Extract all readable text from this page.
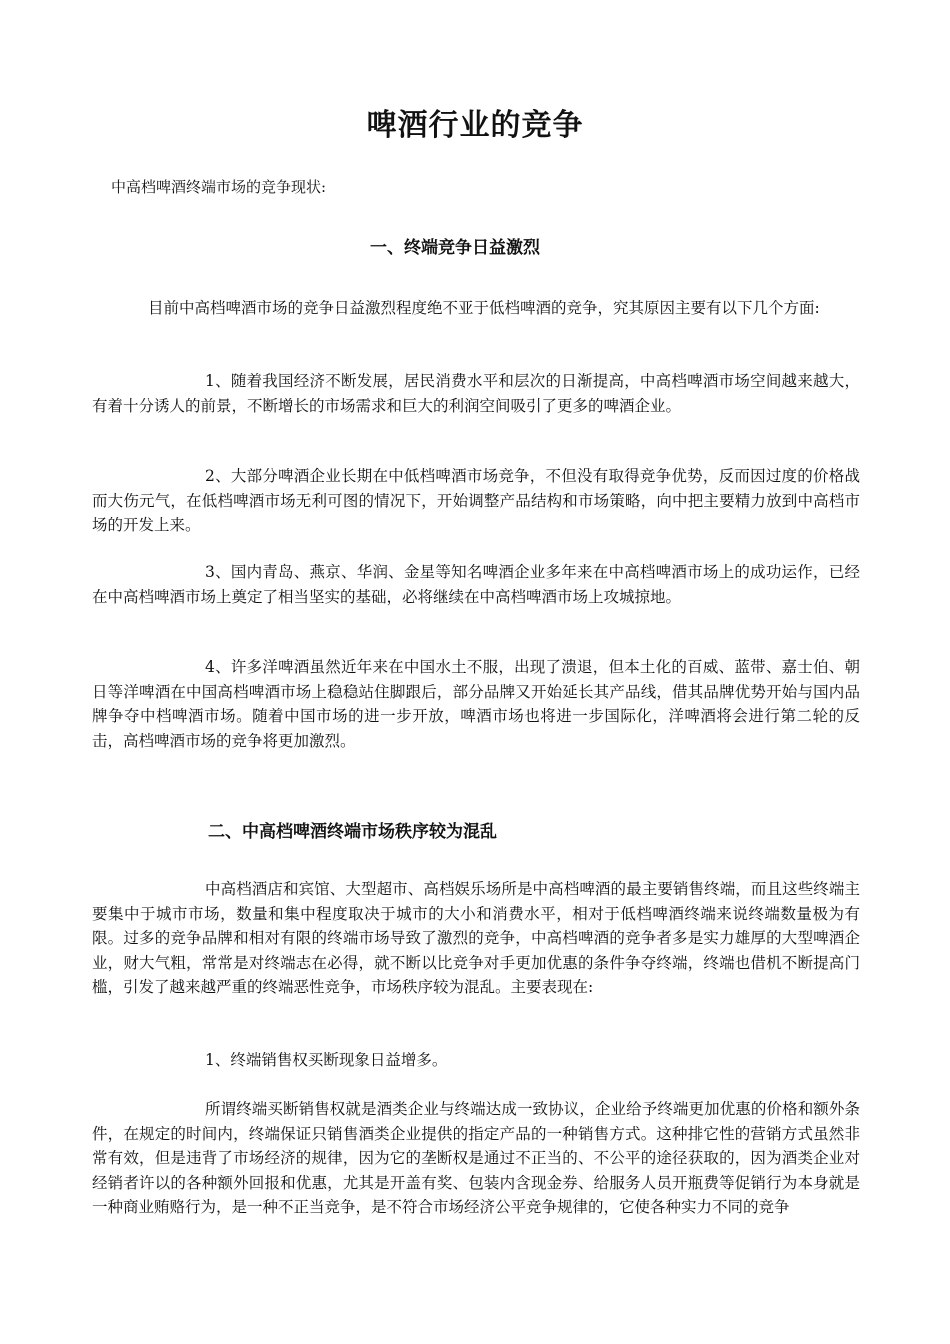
啤酒行业的竞争

中高档啤酒终端市场的竞争现状:

一、终端竞争日益激烈

目前中高档啤酒市场的竞争日益激烈程度绝不亚于低档啤酒的竞争，究其原因主要有以下几个方面:

1、随着我国经济不断发展，居民消费水平和层次的日渐提高，中高档啤酒市场空间越来越大，有着十分诱人的前景，不断增长的市场需求和巨大的利润空间吸引了更多的啤酒企业。

2、大部分啤酒企业长期在中低档啤酒市场竞争，不但没有取得竞争优势，反而因过度的价格战而大伤元气，在低档啤酒市场无利可图的情况下，开始调整产品结构和市场策略，向中把主要精力放到中高档市场的开发上来。

3、国内青岛、燕京、华润、金星等知名啤酒企业多年来在中高档啤酒市场上的成功运作，已经在中高档啤酒市场上奠定了相当坚实的基础，必将继续在中高档啤酒市场上攻城掠地。

4、许多洋啤酒虽然近年来在中国水土不服，出现了溃退，但本土化的百威、蓝带、嘉士伯、朝日等洋啤酒在中国高档啤酒市场上稳稳站住脚跟后，部分品牌又开始延长其产品线，借其品牌优势开始与国内品牌争夺中档啤酒市场。随着中国市场的进一步开放，啤酒市场也将进一步国际化，洋啤酒将会进行第二轮的反击，高档啤酒市场的竞争将更加激烈。

二、中高档啤酒终端市场秩序较为混乱

中高档酒店和宾馆、大型超市、高档娱乐场所是中高档啤酒的最主要销售终端，而且这些终端主要集中于城市市场，数量和集中程度取决于城市的大小和消费水平，相对于低档啤酒终端来说终端数量极为有限。过多的竞争品牌和相对有限的终端市场导致了激烈的竞争，中高档啤酒的竞争者多是实力雄厚的大型啤酒企业，财大气粗，常常是对终端志在必得，就不断以比竞争对手更加优惠的条件争夺终端，终端也借机不断提高门槛，引发了越来越严重的终端恶性竞争，市场秩序较为混乱。主要表现在:

1、终端销售权买断现象日益增多。

所谓终端买断销售权就是酒类企业与终端达成一致协议，企业给予终端更加优惠的价格和额外条件，在规定的时间内，终端保证只销售酒类企业提供的指定产品的一种销售方式。这种排它性的营销方式虽然非常有效，但是违背了市场经济的规律，因为它的垄断权是通过不正当的、不公平的途径获取的，因为酒类企业对经销者许以的各种额外回报和优惠，尤其是开盖有奖、包装内含现金券、给服务人员开瓶费等促销行为本身就是一种商业贿赂行为，是一种不正当竞争，是不符合市场经济公平竞争规律的，它使各种实力不同的竞争
